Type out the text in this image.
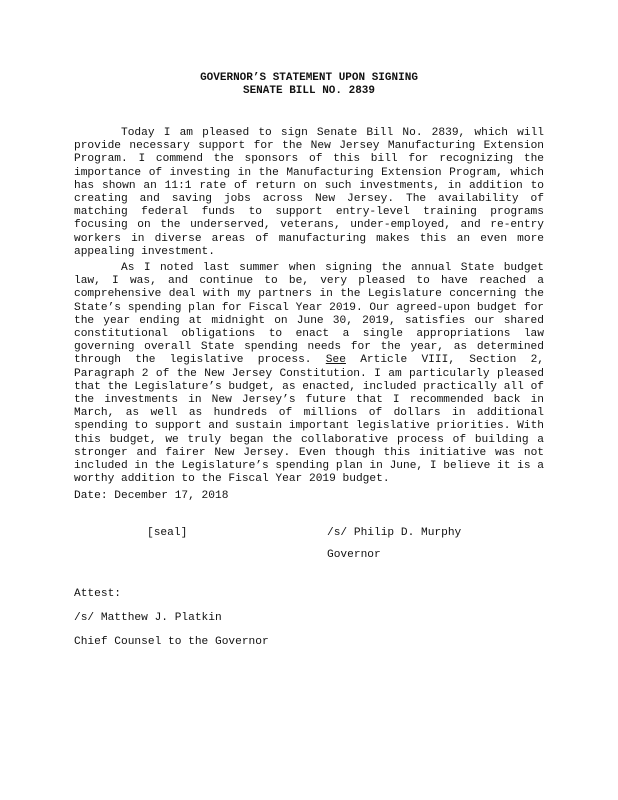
GOVERNOR’S STATEMENT UPON SIGNING
SENATE BILL NO. 2839

Today I am pleased to sign Senate Bill No. 2839, which will provide necessary support for the New Jersey Manufacturing Extension Program. I commend the sponsors of this bill for recognizing the importance of investing in the Manufacturing Extension Program, which has shown an 11:1 rate of return on such investments, in addition to creating and saving jobs across New Jersey. The availability of matching federal funds to support entry-level training programs focusing on the underserved, veterans, under-employed, and re-entry workers in diverse areas of manufacturing makes this an even more appealing investment.

As I noted last summer when signing the annual State budget law, I was, and continue to be, very pleased to have reached a comprehensive deal with my partners in the Legislature concerning the State’s spending plan for Fiscal Year 2019. Our agreed-upon budget for the year ending at midnight on June 30, 2019, satisfies our shared constitutional obligations to enact a single appropriations law governing overall State spending needs for the year, as determined through the legislative process. See Article VIII, Section 2, Paragraph 2 of the New Jersey Constitution. I am particularly pleased that the Legislature’s budget, as enacted, included practically all of the investments in New Jersey’s future that I recommended back in March, as well as hundreds of millions of dollars in additional spending to support and sustain important legislative priorities. With this budget, we truly began the collaborative process of building a stronger and fairer New Jersey. Even though this initiative was not included in the Legislature’s spending plan in June, I believe it is a worthy addition to the Fiscal Year 2019 budget.

Date: December 17, 2018
[seal]	/s/ Philip D. Murphy
Governor
Attest:
/s/ Matthew J. Platkin
Chief Counsel to the Governor
